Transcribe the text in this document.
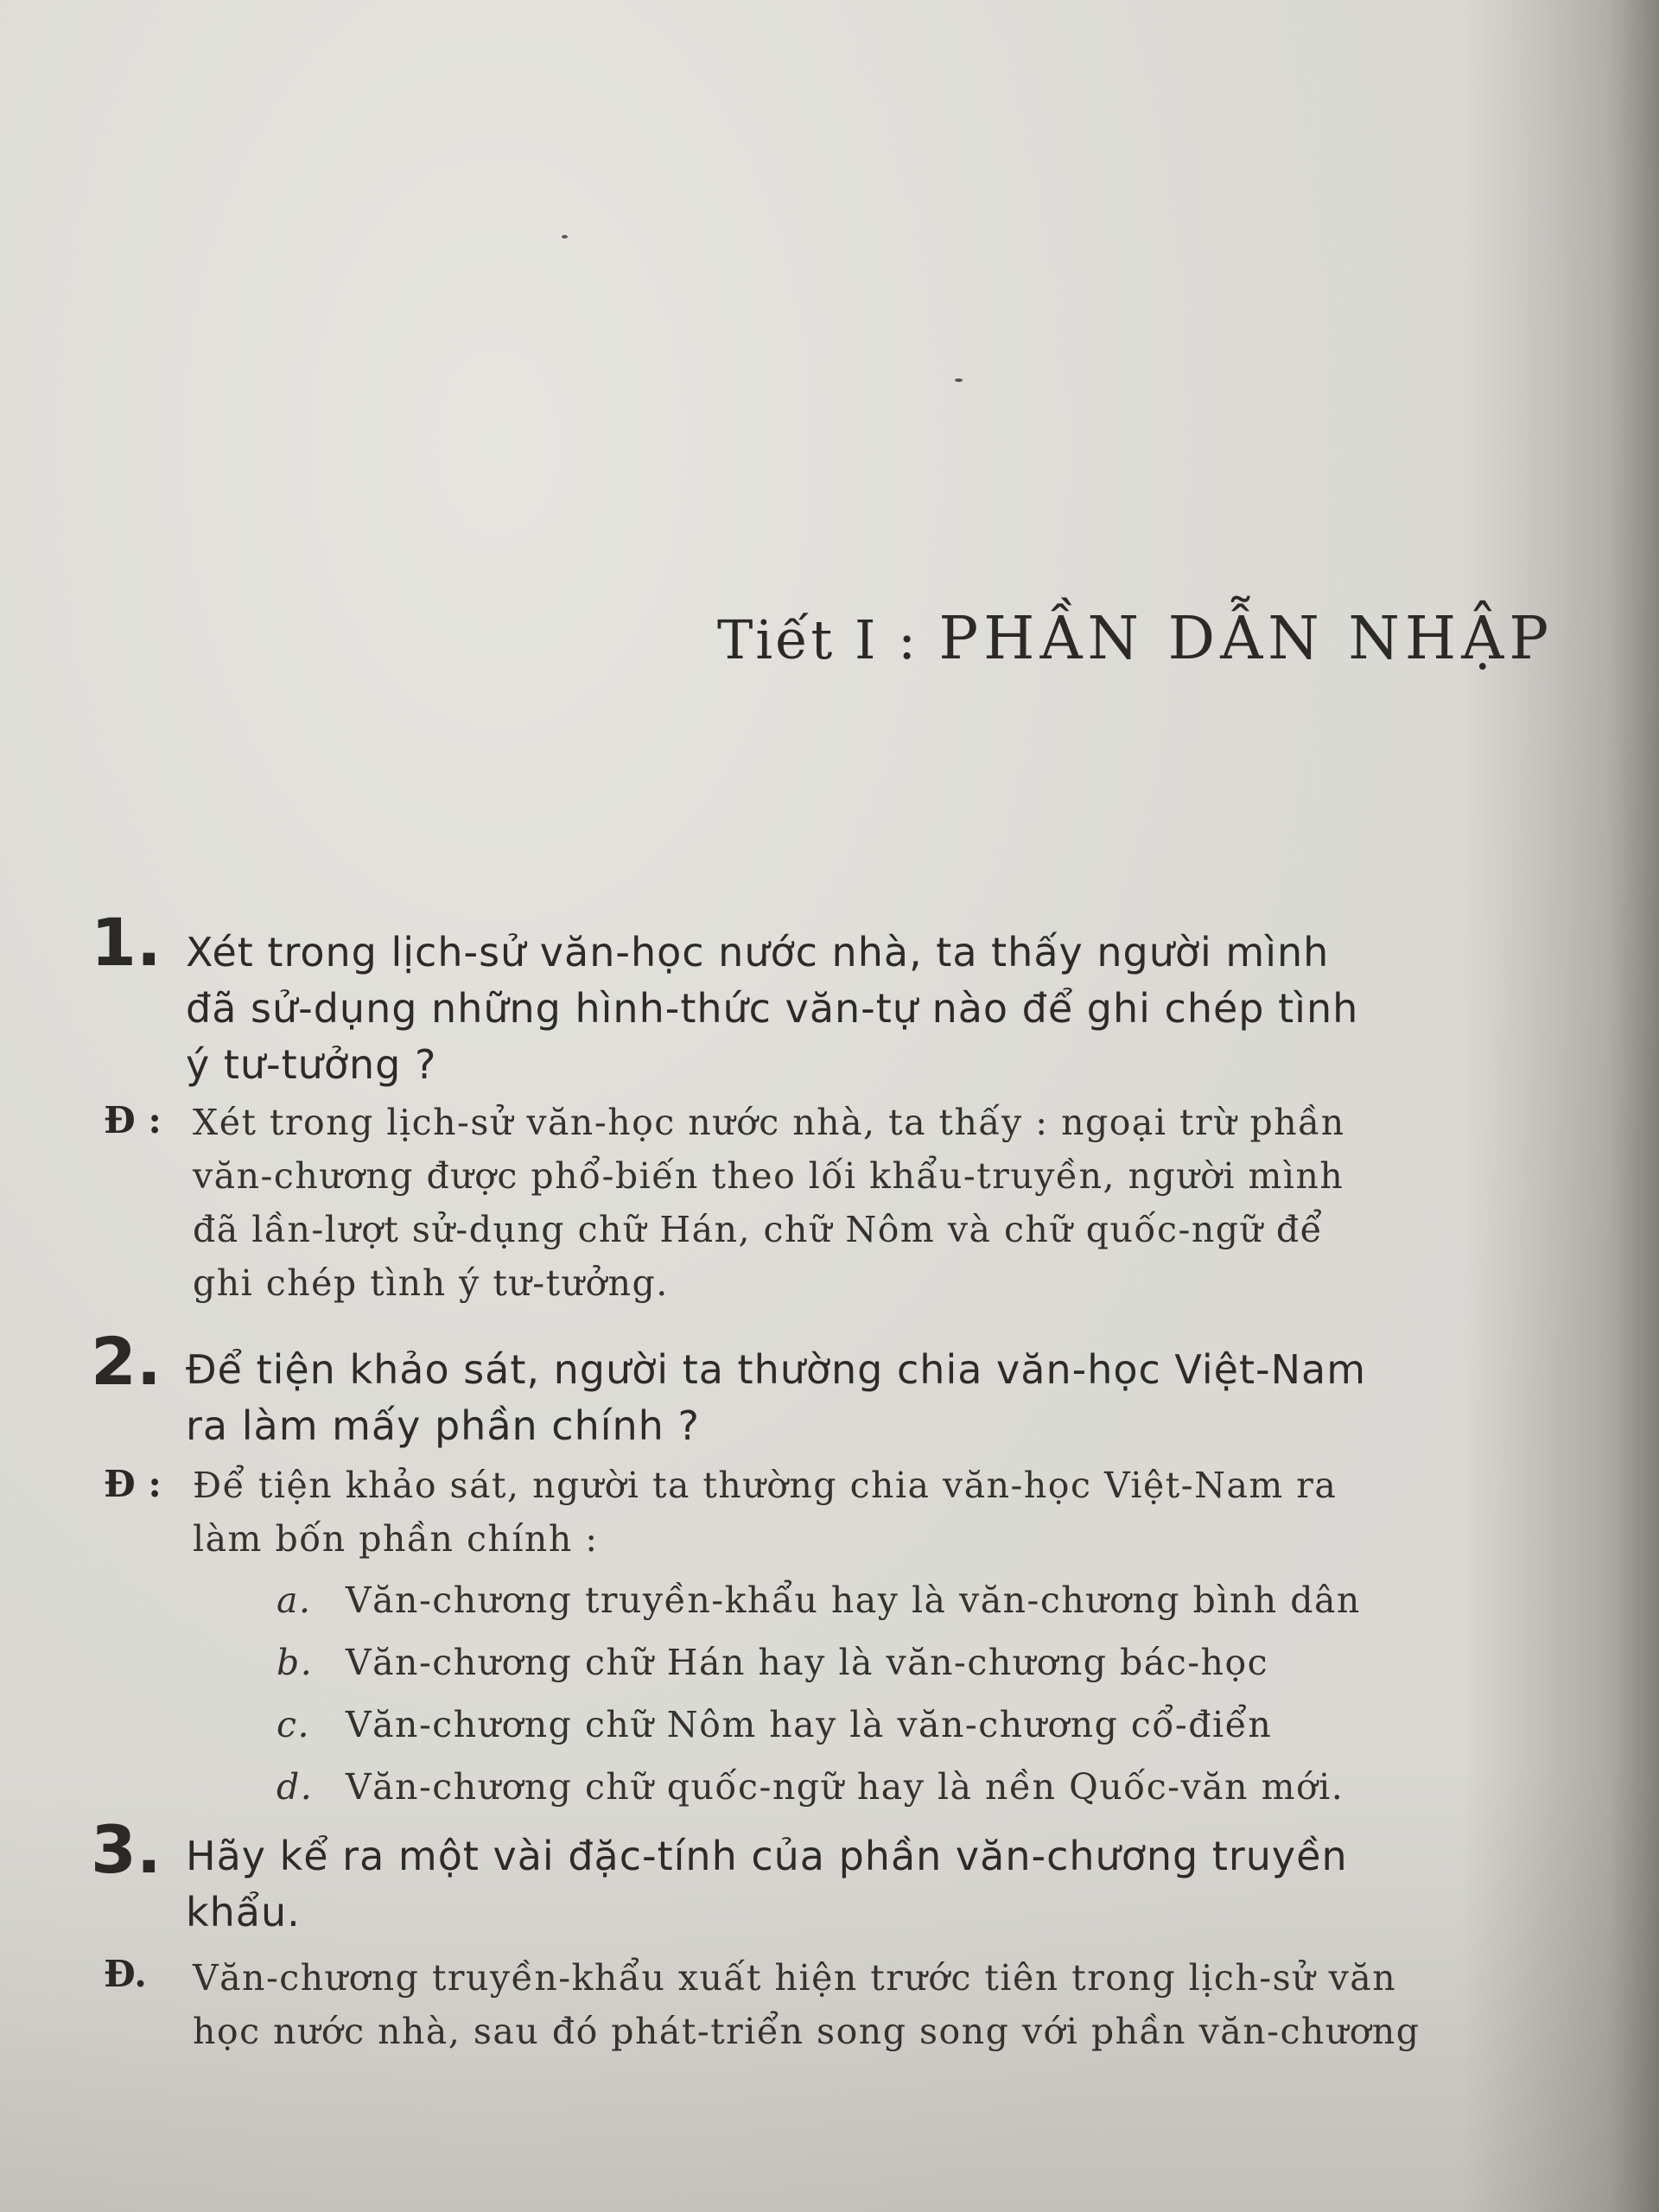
Tiết I : PHẦN DẪN NHẬP
1. Xét trong lịch-sử văn-học nước nhà, ta thấy người mình
đã sử-dụng những hình-thức văn-tự nào để ghi chép tình
ý tư-tưởng ?
Đ : Xét trong lịch-sử văn-học nước nhà, ta thấy : ngoại trừ phần
văn-chương được phổ-biến theo lối khẩu-truyền, người mình
đã lần-lượt sử-dụng chữ Hán, chữ Nôm và chữ quốc-ngữ để
ghi chép tình ý tư-tưởng.
2. Để tiện khảo sát, người ta thường chia văn-học Việt-Nam
ra làm mấy phần chính ?
Đ : Để tiện khảo sát, người ta thường chia văn-học Việt-Nam ra
làm bốn phần chính :
a. Văn-chương truyền-khẩu hay là văn-chương bình dân
b. Văn-chương chữ Hán hay là văn-chương bác-học
c. Văn-chương chữ Nôm hay là văn-chương cổ-điển
d. Văn-chương chữ quốc-ngữ hay là nền Quốc-văn mới.
3. Hãy kể ra một vài đặc-tính của phần văn-chương truyền
khẩu.
Đ. Văn-chương truyền-khẩu xuất hiện trước tiên trong lịch-sử văn
học nước nhà, sau đó phát-triển song song với phần văn-chương
